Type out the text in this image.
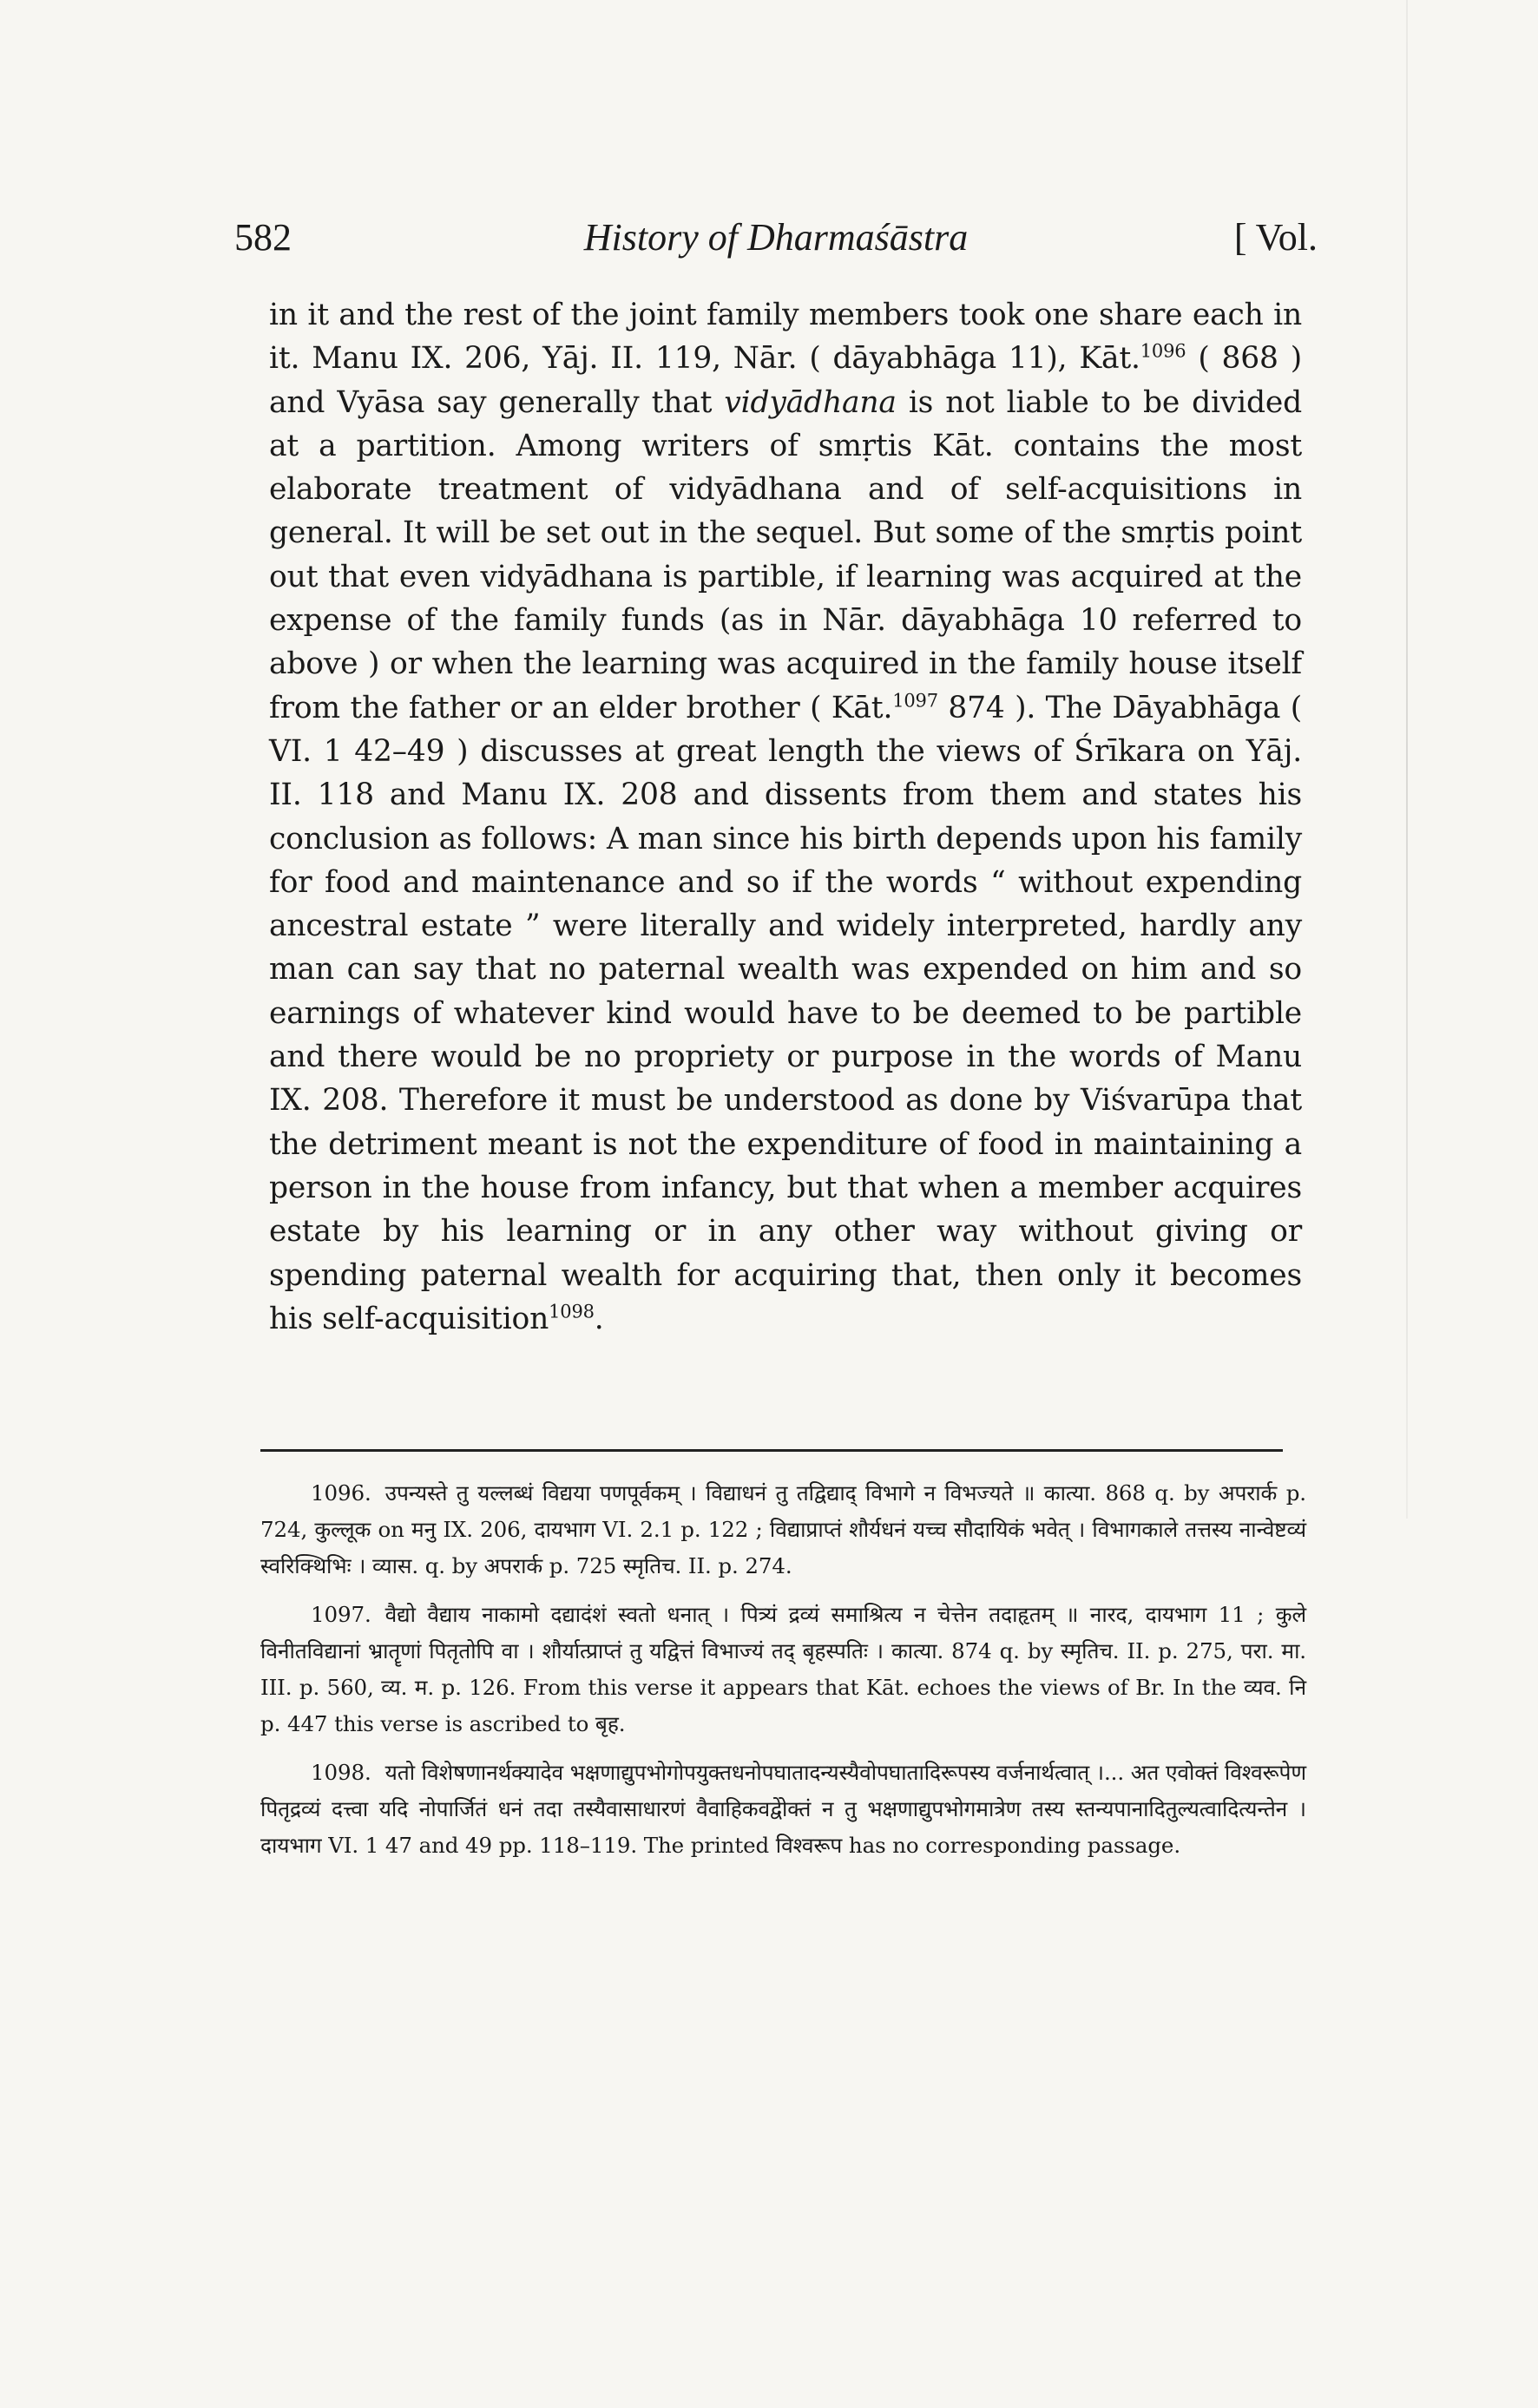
582	History of Dharmaśāstra	[ Vol.

in it and the rest of the joint family members took one share each in it. Manu IX. 206, Yāj. II. 119, Nār. ( dāyabhāga 11), Kāt.$^{1096}$ ( 868 ) and Vyāsa say generally that vidyādhana is not liable to be divided at a partition. Among writers of smṛtis Kāt. contains the most elaborate treatment of vidyādhana and of self-acquisitions in general. It will be set out in the sequel. But some of the smṛtis point out that even vidyādhana is partible, if learning was acquired at the expense of the family funds (as in Nār. dāyabhāga 10 referred to above ) or when the learning was acquired in the family house itself from the father or an elder brother ( Kāt.$^{1097}$ 874 ). The Dāyabhāga ( VI. 1 42–49 ) discusses at great length the views of Śrīkara on Yāj. II. 118 and Manu IX. 208 and dissents from them and states his conclusion as follows: A man since his birth depends upon his family for food and maintenance and so if the words “ without expending ancestral estate ” were literally and widely interpreted, hardly any man can say that no paternal wealth was expended on him and so earnings of whatever kind would have to be deemed to be partible and there would be no propriety or purpose in the words of Manu IX. 208. Therefore it must be understood as done by Viśvarūpa that the detriment meant is not the expenditure of food in maintaining a person in the house from infancy, but that when a member acquires estate by his learning or in any other way without giving or spending paternal wealth for acquiring that, then only it becomes his self-acquisition$^{1098}$.

1096. उपन्यस्ते तु यल्लब्धं विद्यया पणपूर्वकम् । विद्याधनं तु तद्विद्याद् विभागे न विभज्यते ॥ कात्या. 868 q. by अपरार्क p. 724, कुल्लूक on मनु IX. 206, दायभाग VI. 2.1 p. 122 ; विद्याप्राप्तं शौर्यधनं यच्च सौदायिकं भवेत् । विभागकाले तत्तस्य नान्वेष्टव्यं स्वरिक्थिभिः । व्यास. q. by अपरार्क p. 725 स्मृतिच. II. p. 274.

1097. वैद्यो वैद्याय नाकामो दद्यादंशं स्वतो धनात् । पित्र्यं द्रव्यं समाश्रित्य न चेत्तेन तदाहृतम् ॥ नारद, दायभाग 11 ; कुले विनीतविद्यानां भ्रातॄणां पितृतोपि वा । शौर्यात्प्राप्तं तु यद्वित्तं विभाज्यं तद् बृहस्पतिः । कात्या. 874 q. by स्मृतिच. II. p. 275, परा. मा. III. p. 560, व्य. म. p. 126. From this verse it appears that Kāt. echoes the views of Br. In the व्यव. नि p. 447 this verse is ascribed to बृह.

1098. यतो विशेषणानर्थक्यादेव भक्षणाद्युपभोगोपयुक्तधनोपघातादन्यस्यैवोपघातादिरूपस्य वर्जनार्थत्वात् ।... अत एवोक्तं विश्वरूपेण पितृद्रव्यं दत्त्वा यदि नोपार्जितं धनं तदा तस्यैवासाधारणं वैवाहिकवद्वेोक्तं न तु भक्षणाद्युपभोगमात्रेण तस्य स्तन्यपानादितुल्यत्वादित्यन्तेन । दायभाग VI. 1 47 and 49 pp. 118–119. The printed विश्वरूप has no corresponding passage.
